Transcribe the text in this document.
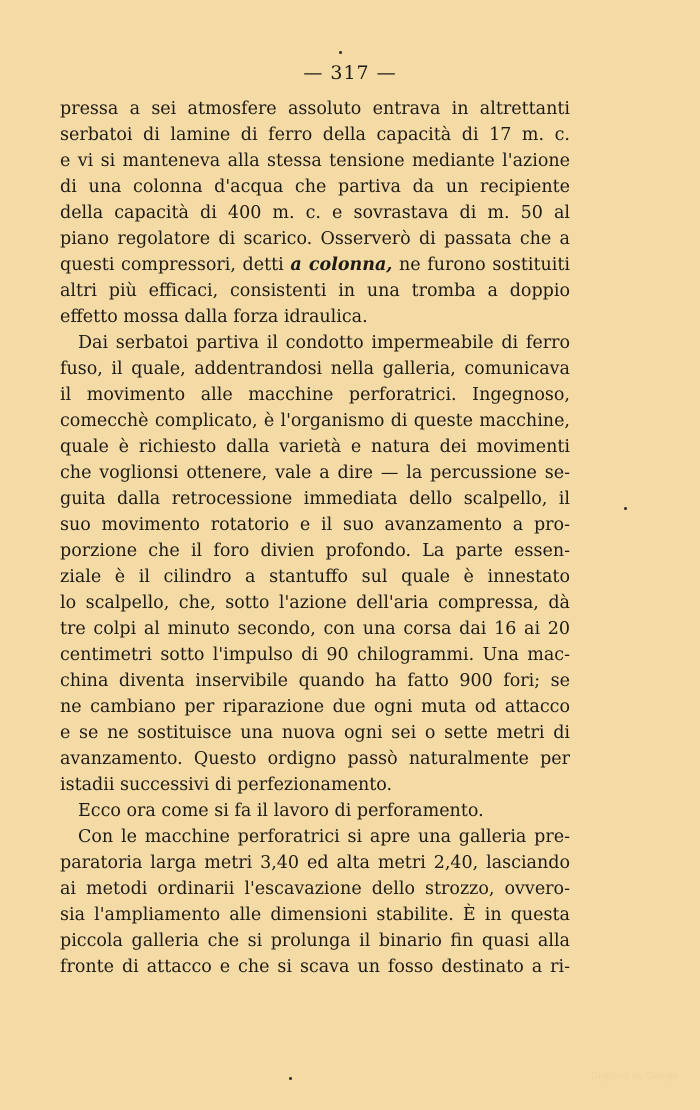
— 317 —
pressa a sei atmosfere assoluto entrava in altrettanti
serbatoi di lamine di ferro della capacità di 17 m. c.
e vi si manteneva alla stessa tensione mediante l'azione
di una colonna d'acqua che partiva da un recipiente
della capacità di 400 m. c. e sovrastava di m. 50 al
piano regolatore di scarico. Osserverò di passata che a
questi compressori, detti a colonna, ne furono sostituiti
altri più efficaci, consistenti in una tromba a doppio
effetto mossa dalla forza idraulica.
Dai serbatoi partiva il condotto impermeabile di ferro
fuso, il quale, addentrandosi nella galleria, comunicava
il movimento alle macchine perforatrici. Ingegnoso,
comecchè complicato, è l'organismo di queste macchine,
quale è richiesto dalla varietà e natura dei movimenti
che voglionsi ottenere, vale a dire — la percussione se-
guita dalla retrocessione immediata dello scalpello, il
suo movimento rotatorio e il suo avanzamento a pro-
porzione che il foro divien profondo. La parte essen-
ziale è il cilindro a stantuffo sul quale è innestato
lo scalpello, che, sotto l'azione dell'aria compressa, dà
tre colpi al minuto secondo, con una corsa dai 16 ai 20
centimetri sotto l'impulso di 90 chilogrammi. Una mac-
china diventa inservibile quando ha fatto 900 fori; se
ne cambiano per riparazione due ogni muta od attacco
e se ne sostituisce una nuova ogni sei o sette metri di
avanzamento. Questo ordigno passò naturalmente per
istadii successivi di perfezionamento.
Ecco ora come si fa il lavoro di perforamento.
Con le macchine perforatrici si apre una galleria pre-
paratoria larga metri 3,40 ed alta metri 2,40, lasciando
ai metodi ordinarii l'escavazione dello strozzo, ovvero-
sia l'ampliamento alle dimensioni stabilite. È in questa
piccola galleria che si prolunga il binario fin quasi alla
fronte di attacco e che si scava un fosso destinato a ri-
Digitized by Google
